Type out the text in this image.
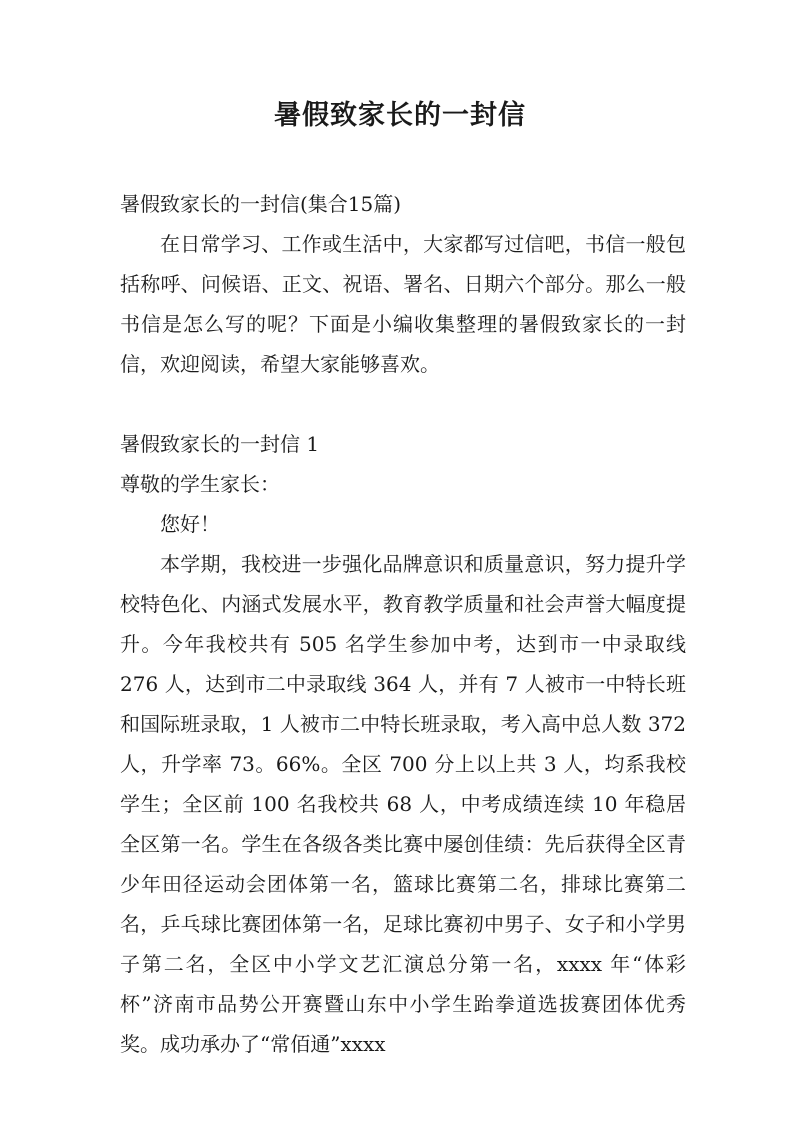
暑假致家长的一封信
暑假致家长的一封信(集合15篇)
在日常学习、工作或生活中，大家都写过信吧，书信一般包括称呼、问候语、正文、祝语、署名、日期六个部分。那么一般书信是怎么写的呢？下面是小编收集整理的暑假致家长的一封信，欢迎阅读，希望大家能够喜欢。
暑假致家长的一封信 1
尊敬的学生家长：
您好！
本学期，我校进一步强化品牌意识和质量意识，努力提升学校特色化、内涵式发展水平，教育教学质量和社会声誉大幅度提升。今年我校共有 505 名学生参加中考，达到市一中录取线 276 人，达到市二中录取线 364 人，并有 7 人被市一中特长班和国际班录取，1 人被市二中特长班录取，考入高中总人数 372 人，升学率 73。66%。全区 700 分上以上共 3 人，均系我校学生；全区前 100 名我校共 68 人，中考成绩连续 10 年稳居全区第一名。学生在各级各类比赛中屡创佳绩：先后获得全区青少年田径运动会团体第一名，篮球比赛第二名，排球比赛第二名，乒乓球比赛团体第一名，足球比赛初中男子、女子和小学男子第二名，全区中小学文艺汇演总分第一名，xxxx 年“体彩杯”济南市品势公开赛暨山东中小学生跆拳道选拔赛团体优秀奖。成功承办了“常佰通”xxxx
